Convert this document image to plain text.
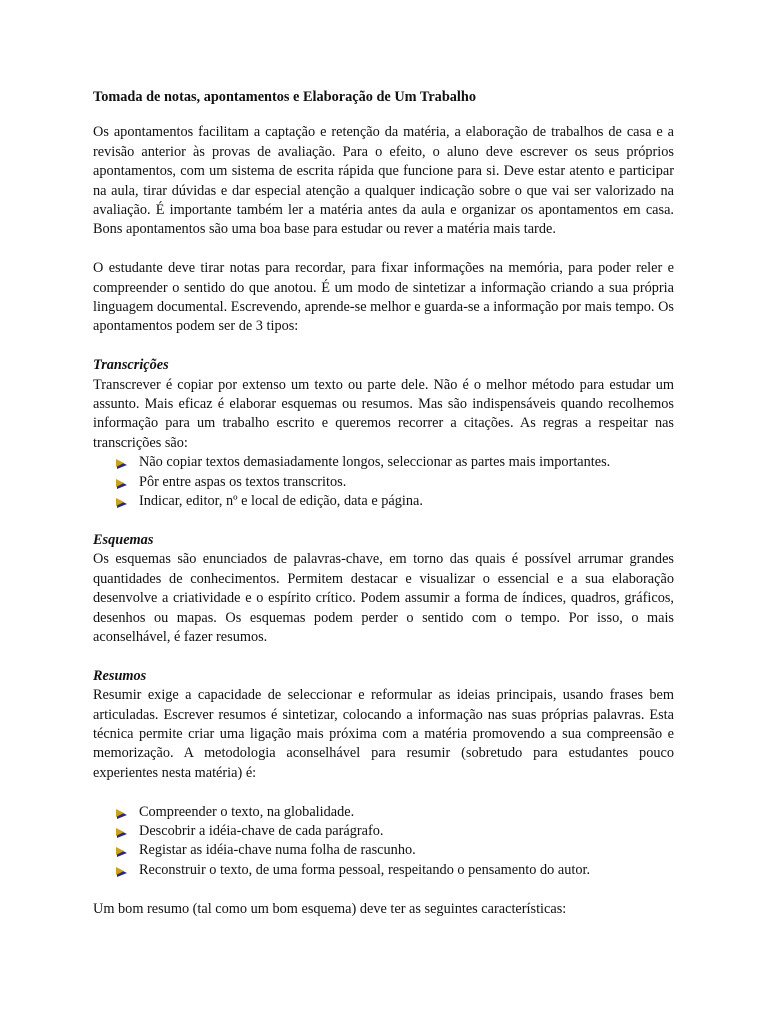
Tomada de notas, apontamentos e Elaboração de Um Trabalho

Os apontamentos facilitam a captação e retenção da matéria, a elaboração de trabalhos de casa e a revisão anterior às provas de avaliação. Para o efeito, o aluno deve escrever os seus próprios apontamentos, com um sistema de escrita rápida que funcione para si. Deve estar atento e participar na aula, tirar dúvidas e dar especial atenção a qualquer indicação sobre o que vai ser valorizado na avaliação. É importante também ler a matéria antes da aula e organizar os apontamentos em casa. Bons apontamentos são uma boa base para estudar ou rever a matéria mais tarde.

O estudante deve tirar notas para recordar, para fixar informações na memória, para poder reler e compreender o sentido do que anotou. É um modo de sintetizar a informação criando a sua própria linguagem documental. Escrevendo, aprende-se melhor e guarda-se a informação por mais tempo. Os apontamentos podem ser de 3 tipos:

Transcrições

Transcrever é copiar por extenso um texto ou parte dele. Não é o melhor método para estudar um assunto. Mais eficaz é elaborar esquemas ou resumos. Mas são indispensáveis quando recolhemos informação para um trabalho escrito e queremos recorrer a citações. As regras a respeitar nas transcrições são:

Não copiar textos demasiadamente longos, seleccionar as partes mais importantes.
Pôr entre aspas os textos transcritos.
Indicar, editor, nº e local de edição, data e página.
Esquemas

Os esquemas são enunciados de palavras-chave, em torno das quais é possível arrumar grandes quantidades de conhecimentos. Permitem destacar e visualizar o essencial e a sua elaboração desenvolve a criatividade e o espírito crítico. Podem assumir a forma de índices, quadros, gráficos, desenhos ou mapas. Os esquemas podem perder o sentido com o tempo. Por isso, o mais aconselhável, é fazer resumos.

Resumos

Resumir exige a capacidade de seleccionar e reformular as ideias principais, usando frases bem articuladas. Escrever resumos é sintetizar, colocando a informação nas suas próprias palavras. Esta técnica permite criar uma ligação mais próxima com a matéria promovendo a sua compreensão e memorização. A metodologia aconselhável para resumir (sobretudo para estudantes pouco experientes nesta matéria) é:

Compreender o texto, na globalidade.
Descobrir a idéia-chave de cada parágrafo.
Registar as idéia-chave numa folha de rascunho.
Reconstruir o texto, de uma forma pessoal, respeitando o pensamento do autor.

Um bom resumo (tal como um bom esquema) deve ter as seguintes características:
